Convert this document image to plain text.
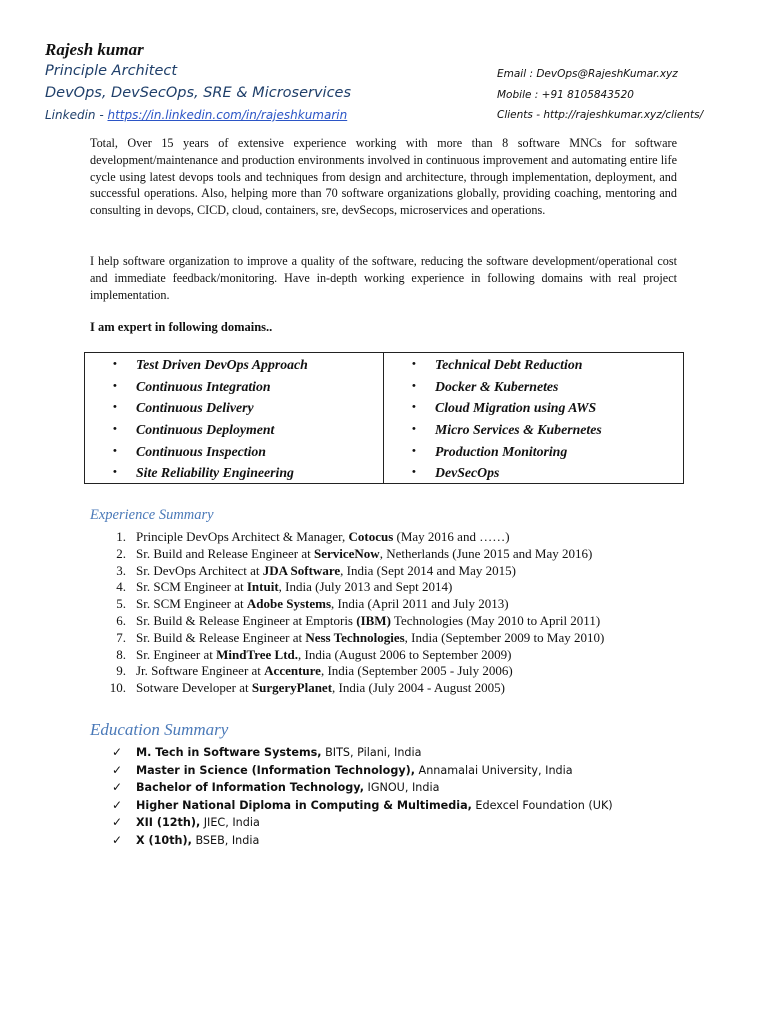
Rajesh kumar
Principle Architect
DevOps, DevSecOps, SRE & Microservices
Linkedin - https://in.linkedin.com/in/rajeshkumarin
Email : DevOps@RajeshKumar.xyz
Mobile : +91 8105843520
Clients - http://rajeshkumar.xyz/clients/

Total, Over 15 years of extensive experience working with more than 8 software MNCs for software development/maintenance and production environments involved in continuous improvement and automating entire life cycle using latest devops tools and techniques from design and architecture, through implementation, deployment, and successful operations. Also, helping more than 70 software organizations globally, providing coaching, mentoring and consulting in devops, CICD, cloud, containers, sre, devSecops, microservices and operations.

I help software organization to improve a quality of the software, reducing the software development/operational cost and immediate feedback/monitoring. Have in-depth working experience in following domains with real project implementation.

I am expert in following domains..

• Test Driven DevOps Approach
• Continuous Integration
• Continuous Delivery
• Continuous Deployment
• Continuous Inspection
• Site Reliability Engineering
• Technical Debt Reduction
• Docker & Kubernetes
• Cloud Migration using AWS
• Micro Services & Kubernetes
• Production Monitoring
• DevSecOps
Experience Summary
1. Principle DevOps Architect & Manager, Cotocus (May 2016 and ……)
2. Sr. Build and Release Engineer at ServiceNow, Netherlands (June 2015 and May 2016)
3. Sr. DevOps Architect at JDA Software, India (Sept 2014 and May 2015)
4. Sr. SCM Engineer at Intuit, India (July 2013 and Sept 2014)
5. Sr. SCM Engineer at Adobe Systems, India (April 2011 and July 2013)
6. Sr. Build & Release Engineer at Emptoris (IBM) Technologies (May 2010 to April 2011)
7. Sr. Build & Release Engineer at Ness Technologies, India (September 2009 to May 2010)
8. Sr. Engineer at MindTree Ltd., India (August 2006 to September 2009)
9. Jr. Software Engineer at Accenture, India (September 2005 - July 2006)
10. Sotware Developer at SurgeryPlanet, India (July 2004 - August 2005)
Education Summary
✓ M. Tech in Software Systems, BITS, Pilani, India
✓ Master in Science (Information Technology), Annamalai University, India
✓ Bachelor of Information Technology, IGNOU, India
✓ Higher National Diploma in Computing & Multimedia, Edexcel Foundation (UK)
✓ XII (12th), JIEC, India
✓ X (10th), BSEB, India
